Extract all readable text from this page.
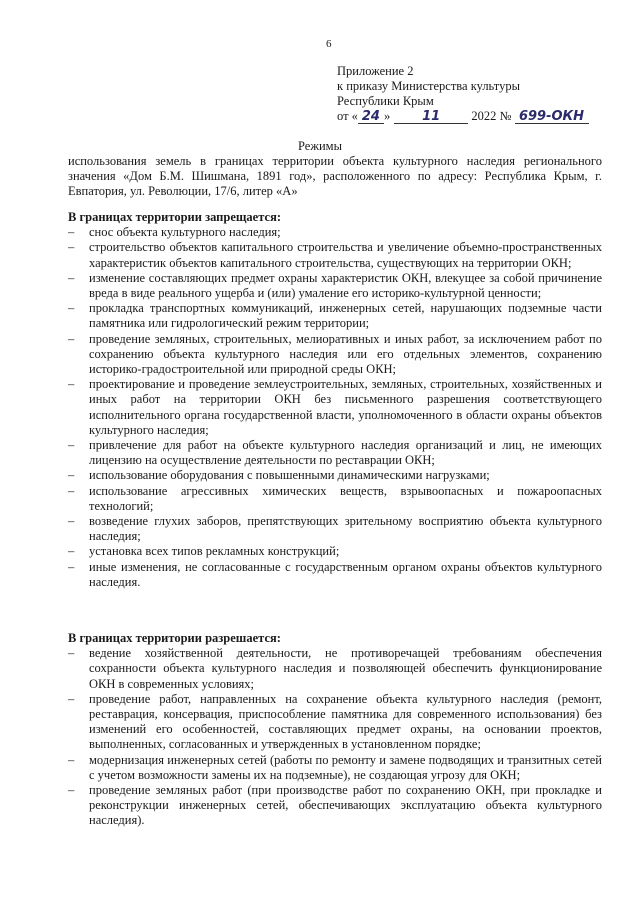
6
Приложение 2
к приказу Министерства культуры
Республики Крым
от « 24 » 11 2022 № 699-ОКН
Режимы
использования земель в границах территории объекта культурного наследия регионального значения «Дом Б.М. Шишмана, 1891 год», расположенного по адресу: Республика Крым, г. Евпатория, ул. Революции, 17/6, литер «А»
В границах территории запрещается:
–	снос объекта культурного наследия;
–	строительство объектов капитального строительства и увеличение объемно-пространственных характеристик объектов капитального строительства, существующих на территории ОКН;
–	изменение составляющих предмет охраны характеристик ОКН, влекущее за собой причинение вреда в виде реального ущерба и (или) умаление его историко-культурной ценности;
–	прокладка транспортных коммуникаций, инженерных сетей, нарушающих подземные части памятника или гидрологический режим территории;
–	проведение земляных, строительных, мелиоративных и иных работ, за исключением работ по сохранению объекта культурного наследия или его отдельных элементов, сохранению историко-градостроительной или природной среды ОКН;
–	проектирование и проведение землеустроительных, земляных, строительных, хозяйственных и иных работ на территории ОКН без письменного разрешения соответствующего исполнительного органа государственной власти, уполномоченного в области охраны объектов культурного наследия;
–	привлечение для работ на объекте культурного наследия организаций и лиц, не имеющих лицензию на осуществление деятельности по реставрации ОКН;
–	использование оборудования с повышенными динамическими нагрузками;
–	использование агрессивных химических веществ, взрывоопасных и пожароопасных технологий;
–	возведение глухих заборов, препятствующих зрительному восприятию объекта культурного наследия;
–	установка всех типов рекламных конструкций;
–	иные изменения, не согласованные с государственным органом охраны объектов культурного наследия.
В границах территории разрешается:
–	ведение хозяйственной деятельности, не противоречащей требованиям обеспечения сохранности объекта культурного наследия и позволяющей обеспечить функционирование ОКН в современных условиях;
–	проведение работ, направленных на сохранение объекта культурного наследия (ремонт, реставрация, консервация, приспособление памятника для современного использования) без изменений его особенностей, составляющих предмет охраны, на основании проектов, выполненных, согласованных и утвержденных в установленном порядке;
–	модернизация инженерных сетей (работы по ремонту и замене подводящих и транзитных сетей с учетом возможности замены их на подземные), не создающая угрозу для ОКН;
–	проведение земляных работ (при производстве работ по сохранению ОКН, при прокладке и реконструкции инженерных сетей, обеспечивающих эксплуатацию объекта культурного наследия).
